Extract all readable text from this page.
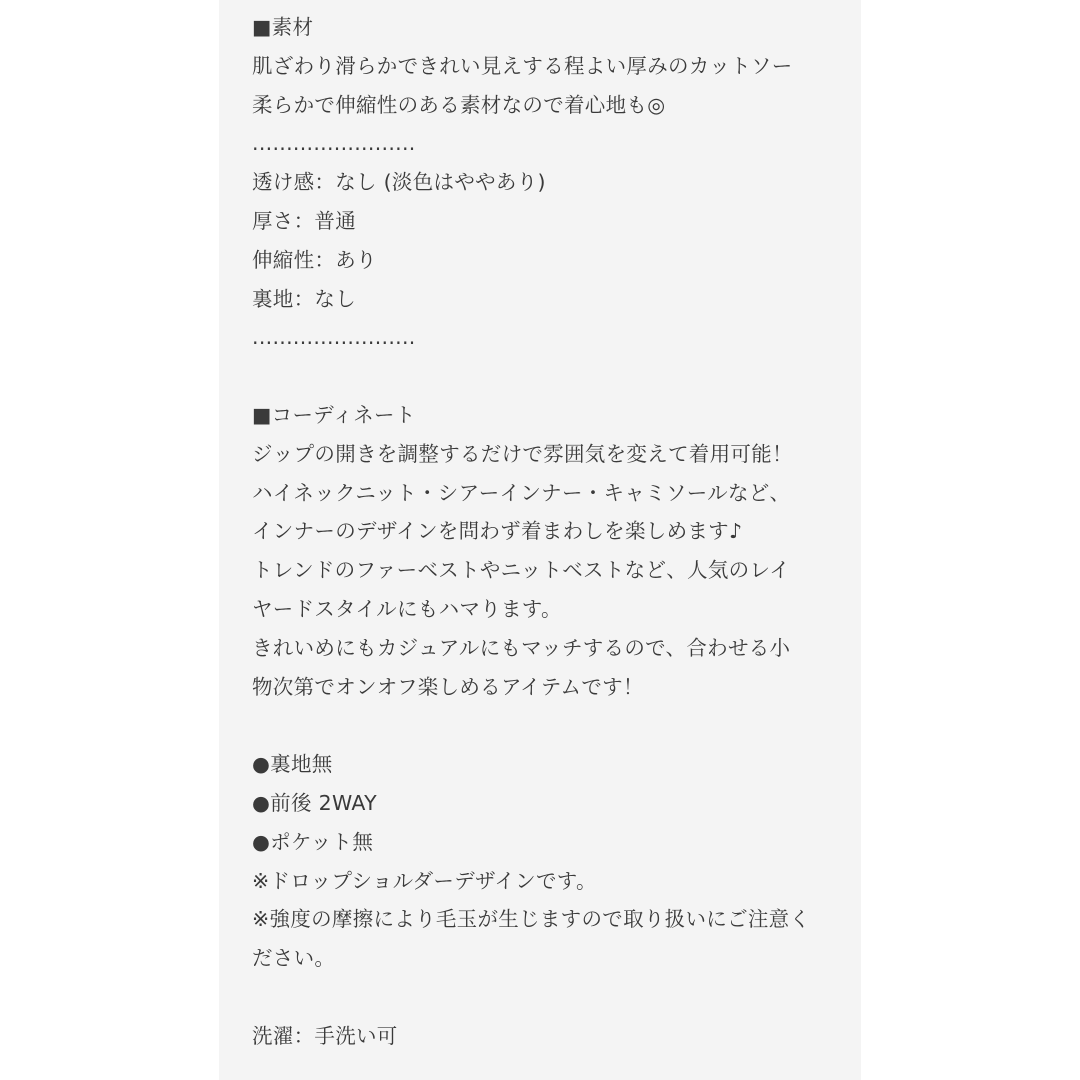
■素材
肌ざわり滑らかできれい見えする程よい厚みのカットソー
柔らかで伸縮性のある素材なので着心地も◎
........................
透け感：なし (淡色はややあり)
厚さ：普通
伸縮性：あり
裏地：なし
........................
■コーディネート
ジップの開きを調整するだけで雰囲気を変えて着用可能！
ハイネックニット・シアーインナー・キャミソールなど、
インナーのデザインを問わず着まわしを楽しめます♪
トレンドのファーベストやニットベストなど、人気のレイ
ヤードスタイルにもハマります。
きれいめにもカジュアルにもマッチするので、合わせる小
物次第でオンオフ楽しめるアイテムです！
●裏地無
●前後 2WAY
●ポケット無
※ドロップショルダーデザインです。
※強度の摩擦により毛玉が生じますので取り扱いにご注意く
ださい。
洗濯：手洗い可
